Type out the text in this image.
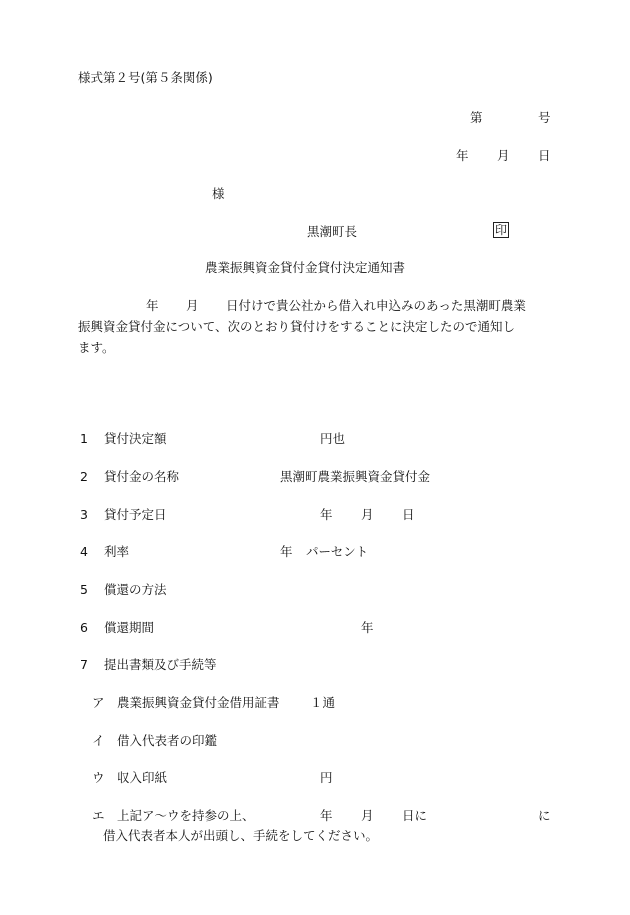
様式第２号(第５条関係)
第	号
年 月 日
様
黒潮町長	印
農業振興資金貸付金貸付決定通知書
年 月 日付けで貴公社から借入れ申込みのあった黒潮町農業
振興資金貸付金について、次のとおり貸付けをすることに決定したので通知し
ます。
1 貸付決定額	円也
2 貸付金の名称	黒潮町農業振興資金貸付金
3 貸付予定日	年 月 日
4 利率	年 パーセント
5 償還の方法
6 償還期間	年
7 提出書類及び手続等
ア 農業振興資金貸付金借用証書 １通
イ 借入代表者の印鑑
ウ 収入印紙	円
エ 上記ア〜ウを持参の上、	年 月 日に	に
借入代表者本人が出頭し、手続をしてください。
